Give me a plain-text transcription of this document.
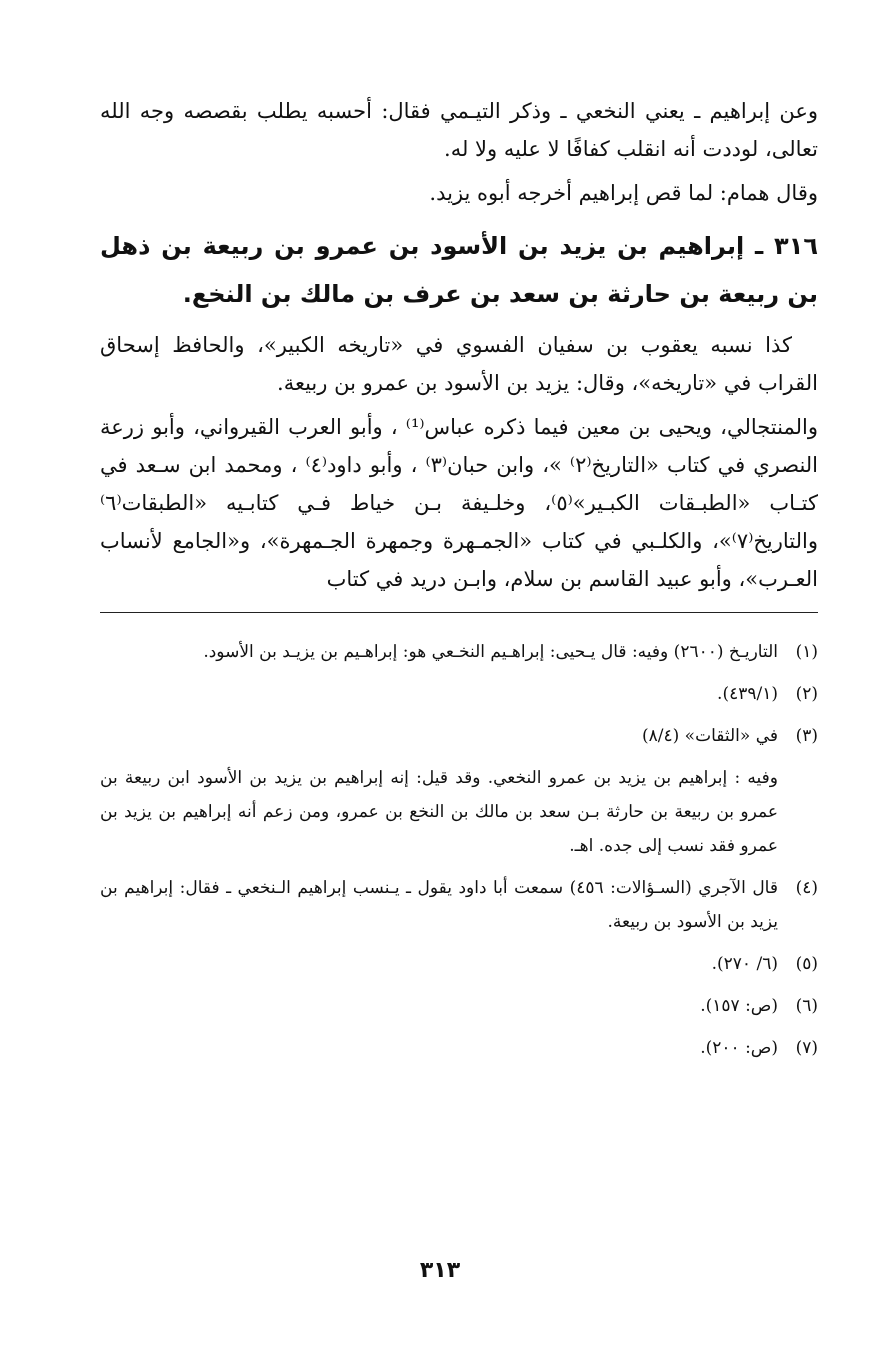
وعن إبراهيم ـ يعني النخعي ـ وذكر التيـمي فقال: أحسبه يطلب بقصصه وجه الله تعالى، لوددت أنه انقلب كفافًا لا عليه ولا له.

وقال همام: لما قص إبراهيم أخرجه أبوه يزيد.

٣١٦ ـ إبراهيم بن يزيد بن الأسود بن عمرو بن ربيعة بن ذهل بن ربيعة بن حارثة بن سعد بن عرف بن مالك بن النخع.

كذا نسبه يعقوب بن سفيان الفسوي في «تاريخه الكبير»، والحافظ إسحاق القراب في «تاريخه»، وقال: يزيد بن الأسود بن عمرو بن ربيعة.

والمنتجالي، ويحيى بن معين فيما ذكره عباس⁽¹⁾ ، وأبو العرب القيرواني، وأبو زرعة النصري في كتاب «التاريخ⁽٢⁾ »، وابن حبان⁽٣⁾ ، وأبو داود⁽٤⁾ ، ومحمد ابن سـعد في كتـاب «الطبـقات الكبـير»⁽٥⁾، وخلـيفة بـن خياط فـي كتابـيه «الطبقات⁽٦⁾ والتاريخ⁽٧⁾»، والكلـبي في كتاب «الجمـهرة وجمهرة الجـمهرة»، و«الجامع لأنساب العـرب»، وأبو عبيد القاسم بن سلام، وابـن دريد في كتاب

(١)
التاريـخ (٢٦٠٠) وفيه: قال يـحيى: إبراهـيم النخـعي هو: إبراهـيم بن يزيـد بن الأسود.
(٢)
(٤٣٩/١).
(٣)
في «الثقات» (٨/٤)
وفيه : إبراهيم بن يزيد بن عمرو النخعي. وقد قيل: إنه إبراهيم بن يزيد بن الأسود ابن ربيعة بن عمرو بن ربيعة بن حارثة بـن سعد بن مالك بن النخع بن عمرو، ومن زعم أنه إبراهيم بن يزيد بن عمرو فقد نسب إلى جده. اهـ.
(٤)
قال الآجري (السـؤالات: ٤٥٦) سمعت أبا داود يقول ـ يـنسب إبراهيم الـنخعي ـ فقال: إبراهيم بن يزيد بن الأسود بن ربيعة.
(٥)
(٦/ ٢٧٠).
(٦)
(ص: ١٥٧).
(٧)
(ص: ٢٠٠).
٣١٣
